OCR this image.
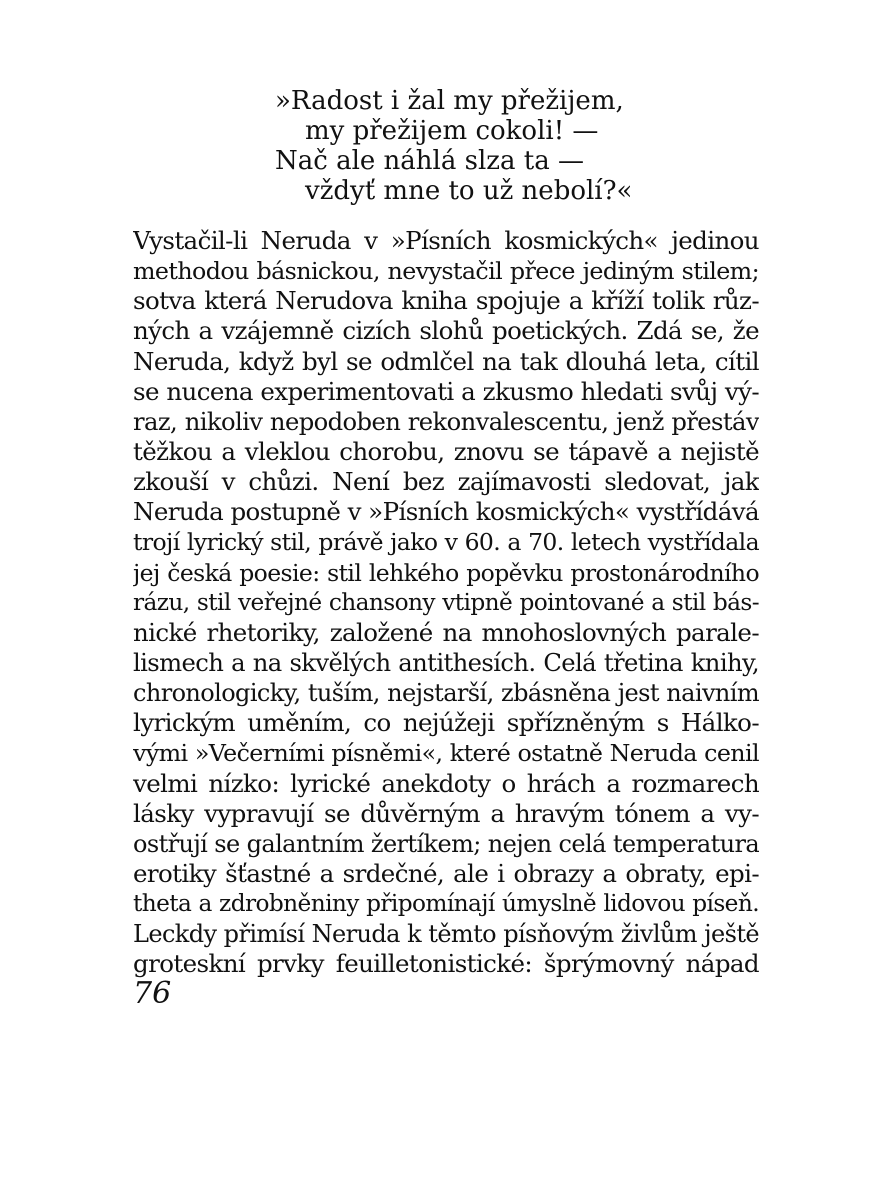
»Radost i žal my přežijem,
my přežijem cokoli! —
Nač ale náhlá slza ta —
vždyť mne to už nebolí?«
Vystačil-li Neruda v »Písních kosmických« jedinou
methodou básnickou, nevystačil přece jediným stilem;
sotva která Nerudova kniha spojuje a kříží tolik růz-
ných a vzájemně cizích slohů poetických. Zdá se, že
Neruda, když byl se odmlčel na tak dlouhá leta, cítil
se nucena experimentovati a zkusmo hledati svůj vý-
raz, nikoliv nepodoben rekonvalescentu, jenž přestáv
těžkou a vleklou chorobu, znovu se tápavě a nejistě
zkouší v chůzi. Není bez zajímavosti sledovat, jak
Neruda postupně v »Písních kosmických« vystřídává
trojí lyrický stil, právě jako v 60. a 70. letech vystřídala
jej česká poesie: stil lehkého popěvku prostonárodního
rázu, stil veřejné chansony vtipně pointované a stil bás-
nické rhetoriky, založené na mnohoslovných parale-
lismech a na skvělých antithesích. Celá třetina knihy,
chronologicky, tuším, nejstarší, zbásněna jest naivním
lyrickým uměním, co nejúžeji spřízněným s Hálko-
vými »Večerními písněmi«, které ostatně Neruda cenil
velmi nízko: lyrické anekdoty o hrách a rozmarech
lásky vypravují se důvěrným a hravým tónem a vy-
ostřují se galantním žertíkem; nejen celá temperatura
erotiky šťastné a srdečné, ale i obrazy a obraty, epi-
theta a zdrobněniny připomínají úmyslně lidovou píseň.
Leckdy přimísí Neruda k těmto písňovým živlům ještě
groteskní prvky feuilletonistické: šprýmovný nápad
76
